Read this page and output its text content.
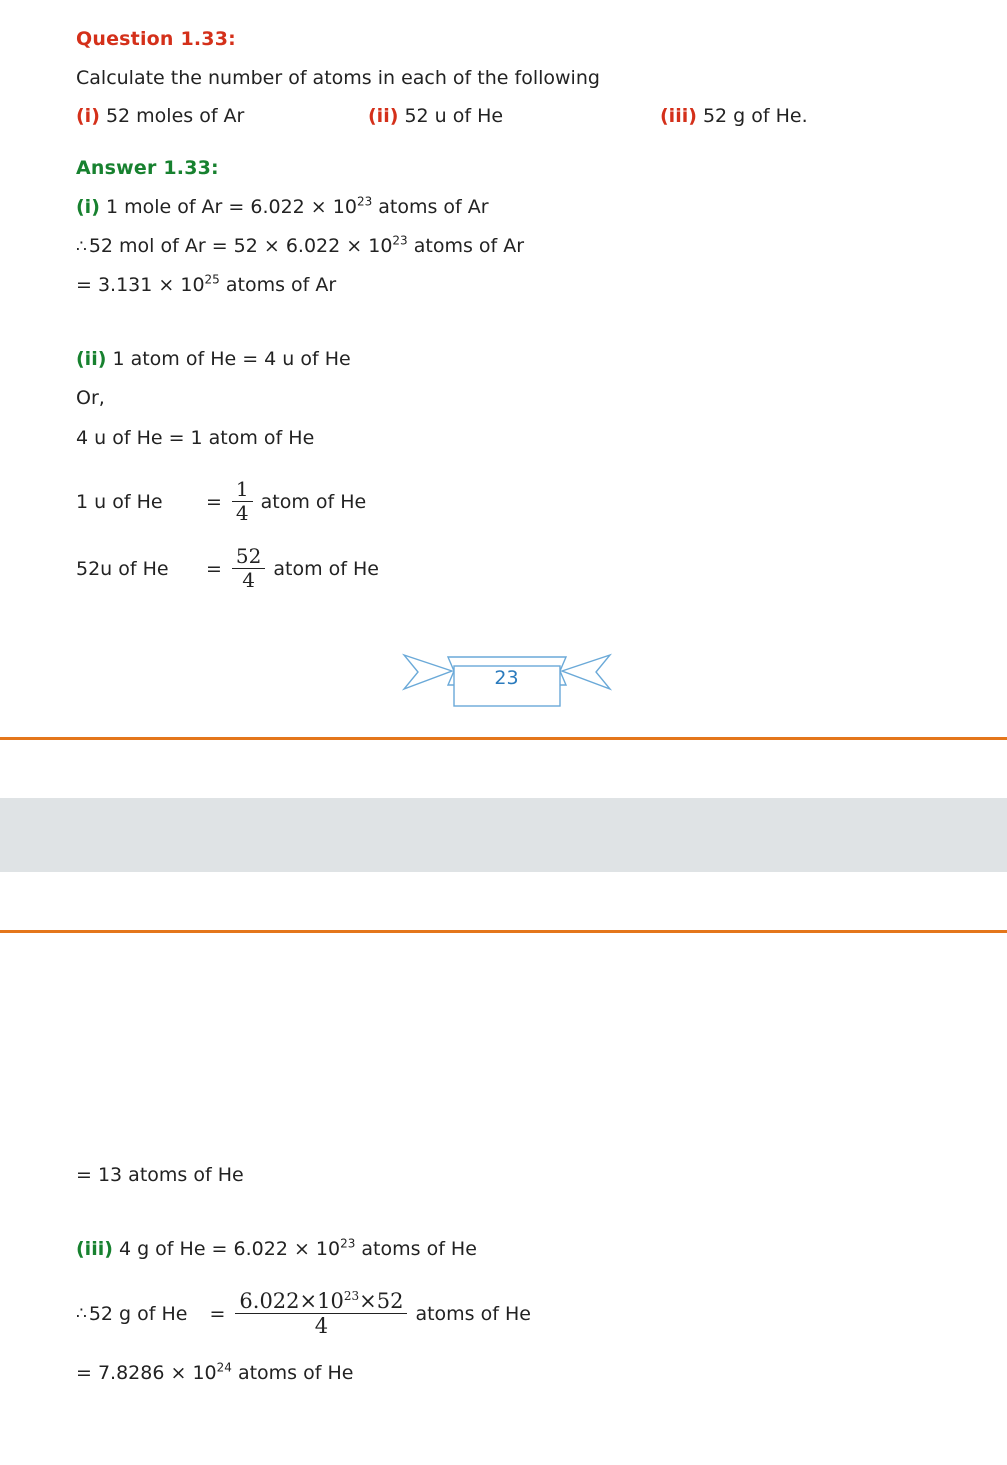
Question 1.33:
Calculate the number of atoms in each of the following
(i) 52 moles of Ar	(ii) 52 u of He	(iii) 52 g of He.
Answer 1.33:
(i) 1 mole of $Ar = 6.022 \times 10^{23}$ atoms of Ar
∴ 52 mol of $Ar = 52 \times 6.022 \times 10^{23}$ atoms of Ar
= $3.131 \times 10^{25}$ atoms of Ar
(ii) 1 atom of He = 4 u of He
Or,
4 u of He = 1 atom of He
1 u of He	= $\frac{1}{4}$ atom of He
52u of He	= $\frac{52}{4}$ atom of He
23
= 13 atoms of He
(iii) 4 g of $He = 6.022 \times 10^{23}$ atoms of He
∴ 52 g of He	= $\frac{6.022\times 10^{23}\times 52}{4}$ atoms of He
= $7.8286 \times 10^{24}$ atoms of He
